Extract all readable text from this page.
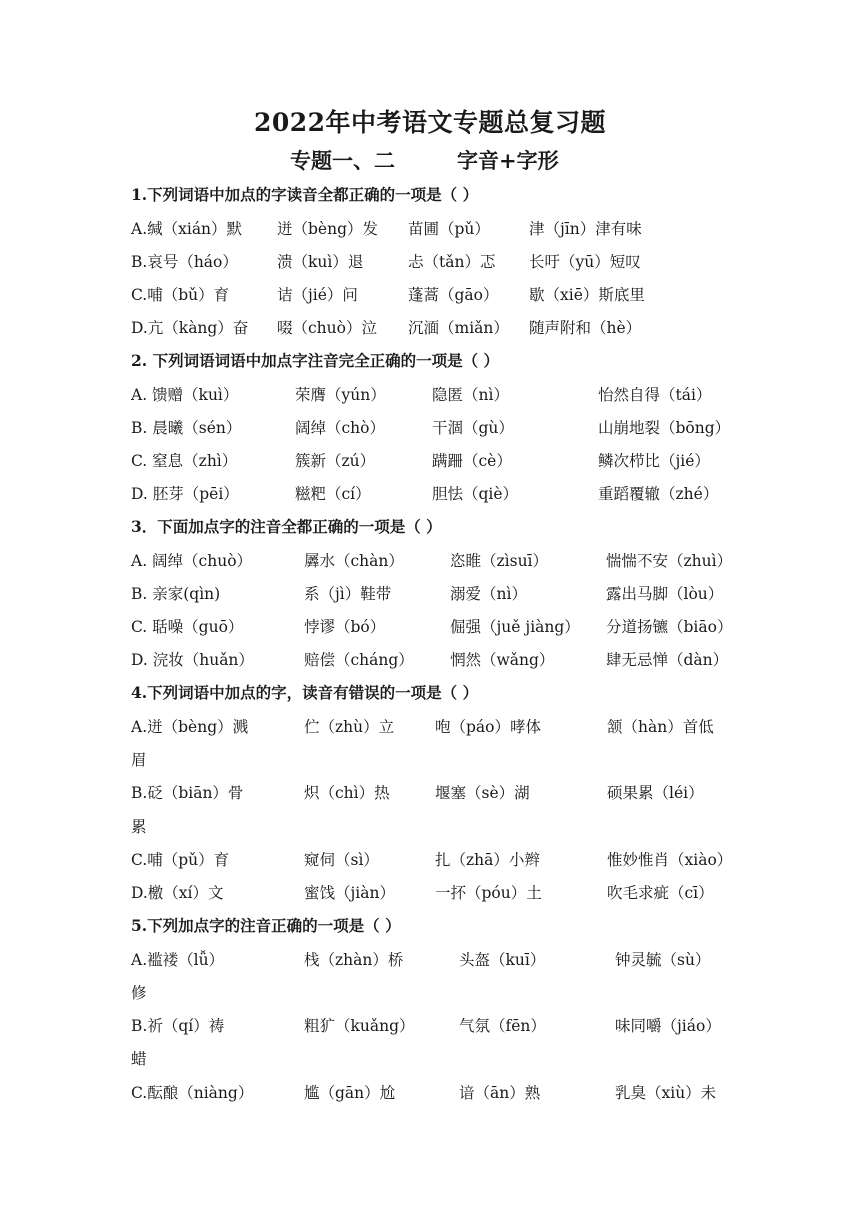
2022年中考语文专题总复习题
专题一、二	字音+字形
1.下列词语中加点的字读音全都正确的一项是（ ）
A.缄（xián）默 迸（bèng）发 苗圃（pǔ）	津（jīn）津有味
B.哀号（háo）	溃（kuì）退	忐（tǎn）忑 长吁（yū）短叹
C.哺（bǔ）育	诘（jié）问	蓬蒿（gāo） 歇（xiē）斯底里
D.亢（kàng）奋 啜（chuò）泣 沉湎（miǎn） 随声附和（hè）
2. 下列词语词语中加点字注音完全正确的一项是（ ）
A. 馈赠（kuì）	荣膺（yún）	隐匿（nì）	怡然自得（tái）
B. 晨曦（sén）	阔绰（chò）	干涸（gù）	山崩地裂（bōng）
C. 窒息（zhì）	簇新（zú）	蹒跚（cè）	鳞次栉比（jié）
D. 胚芽（pēi）	糍粑（cí）	胆怯（qiè）	重蹈覆辙（zhé）
3．下面加点字的注音全都正确的一项是（ ）
A. 阔绰（chuò）	羼水（chàn）	恣睢（zìsuī）	惴惴不安（zhuì）
B. 亲家(qìn)	系（jì）鞋带	溺爱（nì）	露出马脚（lòu）
C. 聒噪（guō）	悖谬（bó）	倔强（juě jiàng） 分道扬镳（biāo）
D. 浣妆（huǎn）	赔偿（cháng） 惘然（wǎng）	肆无忌惮（dàn）
4.下列词语中加点的字，读音有错误的一项是（ ）
A.迸（bèng）溅	伫（zhù）立	咆（páo）哮体	颔（hàn）首低
眉
B.砭（biān）骨	炽（chì）热	堰塞（sè）湖	硕果累（léi）
累
C.哺（pǔ）育	窥伺（sì）	扎（zhā）小辫	惟妙惟肖（xiào）
D.檄（xí）文	蜜饯（jiàn）	一抔（póu）土	吹毛求疵（cī）
5.下列加点字的注音正确的一项是（ ）
A.褴褛（lǚ）	栈（zhàn）桥	头盔（kuī）	钟灵毓（sù）
修
B.祈（qí）祷	粗犷（kuǎng）	气氛（fēn）	味同嚼（jiáo）
蜡
C.酝酿（niàng）	尴（gān）尬	谙（ān）熟	乳臭（xiù）未
